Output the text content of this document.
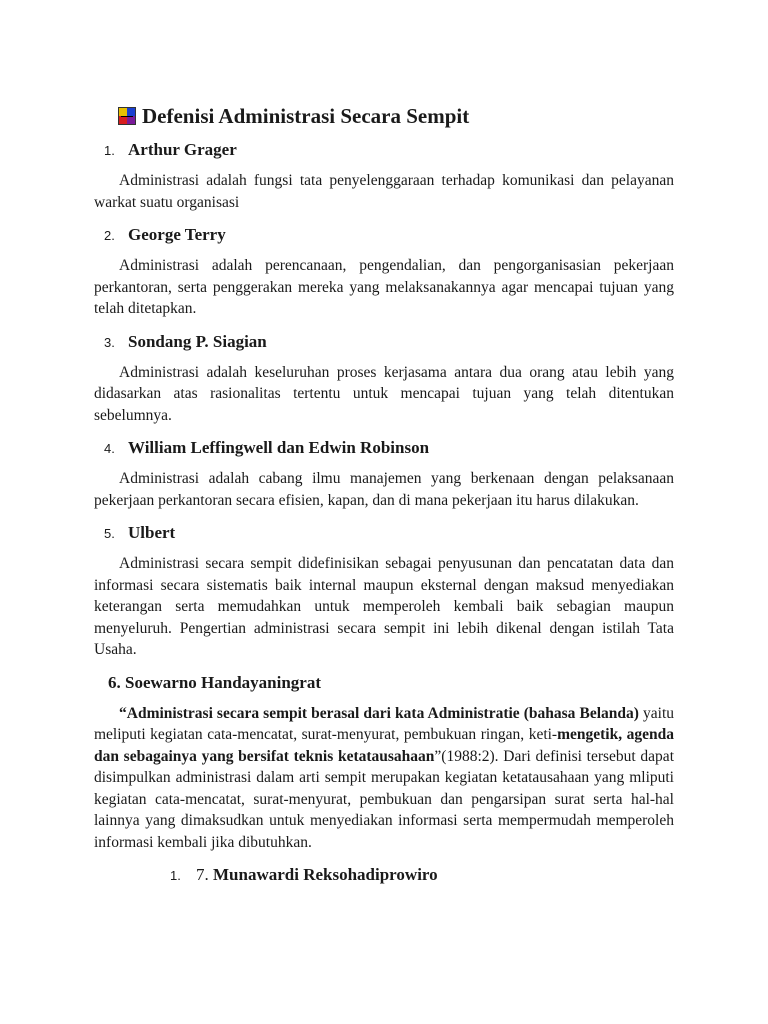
Defenisi Administrasi Secara Sempit
1. Arthur Grager

Administrasi adalah fungsi tata penyelenggaraan terhadap komunikasi dan pelayanan warkat suatu organisasi

2. George Terry

Administrasi adalah perencanaan, pengendalian, dan pengorganisasian pekerjaan perkantoran, serta penggerakan mereka yang melaksanakannya agar mencapai tujuan yang telah ditetapkan.

3. Sondang P. Siagian

Administrasi adalah keseluruhan proses kerjasama antara dua orang atau lebih yang didasarkan atas rasionalitas tertentu untuk mencapai tujuan yang telah ditentukan sebelumnya.

4. William Leffingwell dan Edwin Robinson

Administrasi adalah cabang ilmu manajemen yang berkenaan dengan pelaksanaan pekerjaan perkantoran secara efisien, kapan, dan di mana pekerjaan itu harus dilakukan.

5. Ulbert

Administrasi secara sempit didefinisikan sebagai penyusunan dan pencatatan data dan informasi secara sistematis baik internal maupun eksternal dengan maksud menyediakan keterangan serta memudahkan untuk memperoleh kembali baik sebagian maupun menyeluruh. Pengertian administrasi secara sempit ini lebih dikenal dengan istilah Tata Usaha.

6. Soewarno Handayaningrat

“Administrasi secara sempit berasal dari kata Administratie (bahasa Belanda) yaitu meliputi kegiatan cata-mencatat, surat-menyurat, pembukuan ringan, keti-mengetik, agenda dan sebagainya yang bersifat teknis ketatausahaan”(1988:2). Dari definisi tersebut dapat disimpulkan administrasi dalam arti sempit merupakan kegiatan ketatausahaan yang mliputi kegiatan cata-mencatat, surat-menyurat, pembukuan dan pengarsipan surat serta hal-hal lainnya yang dimaksudkan untuk menyediakan informasi serta mempermudah memperoleh informasi kembali jika dibutuhkan.

1. 7.
Munawardi Reksohadiprowiro
